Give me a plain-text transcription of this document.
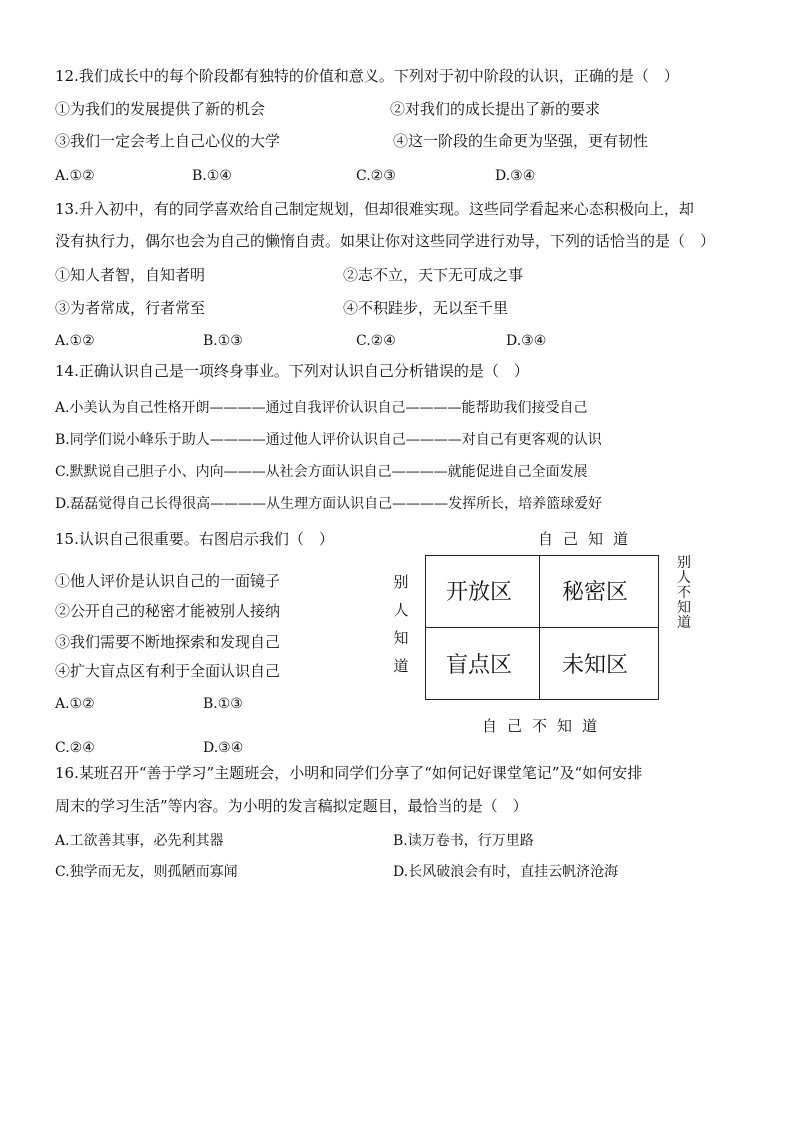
12.我们成长中的每个阶段都有独特的价值和意义。下列对于初中阶段的认识，正确的是（　）
①为我们的发展提供了新的机会	②对我们的成长提出了新的要求
③我们一定会考上自己心仪的大学	④这一阶段的生命更为坚强，更有韧性
A.①②	B.①④	C.②③	D.③④
13.升入初中，有的同学喜欢给自己制定规划，但却很难实现。这些同学看起来心态积极向上，却
没有执行力，偶尔也会为自己的懒惰自责。如果让你对这些同学进行劝导，下列的话恰当的是（　）
①知人者智，自知者明	②志不立，天下无可成之事
③为者常成，行者常至	④不积跬步，无以至千里
A.①②	B.①③	C.②④	D.③④
14.正确认识自己是一项终身事业。下列对认识自己分析错误的是（　）
A.小美认为自己性格开朗————通过自我评价认识自己————能帮助我们接受自己
B.同学们说小峰乐于助人————通过他人评价认识自己————对自己有更客观的认识
C.默默说自己胆子小、内向———从社会方面认识自己————就能促进自己全面发展
D.磊磊觉得自己长得很高————从生理方面认识自己————发挥所长，培养篮球爱好
15.认识自己很重要。右图启示我们（　）
①他人评价是认识自己的一面镜子
②公开自己的秘密才能被别人接纳
③我们需要不断地探索和发现自己
④扩大盲点区有利于全面认识自己
A.①②	B.①③
C.②④	D.③④
自己知道
别人知道
别人不知道
开放区 秘密区
盲点区 未知区
自己不知道
16.某班召开“善于学习”主题班会，小明和同学们分享了“如何记好课堂笔记”及“如何安排
周末的学习生活”等内容。为小明的发言稿拟定题目，最恰当的是（　）
A.工欲善其事，必先利其器	B.读万卷书，行万里路
C.独学而无友，则孤陋而寡闻	D.长风破浪会有时，直挂云帆济沧海
